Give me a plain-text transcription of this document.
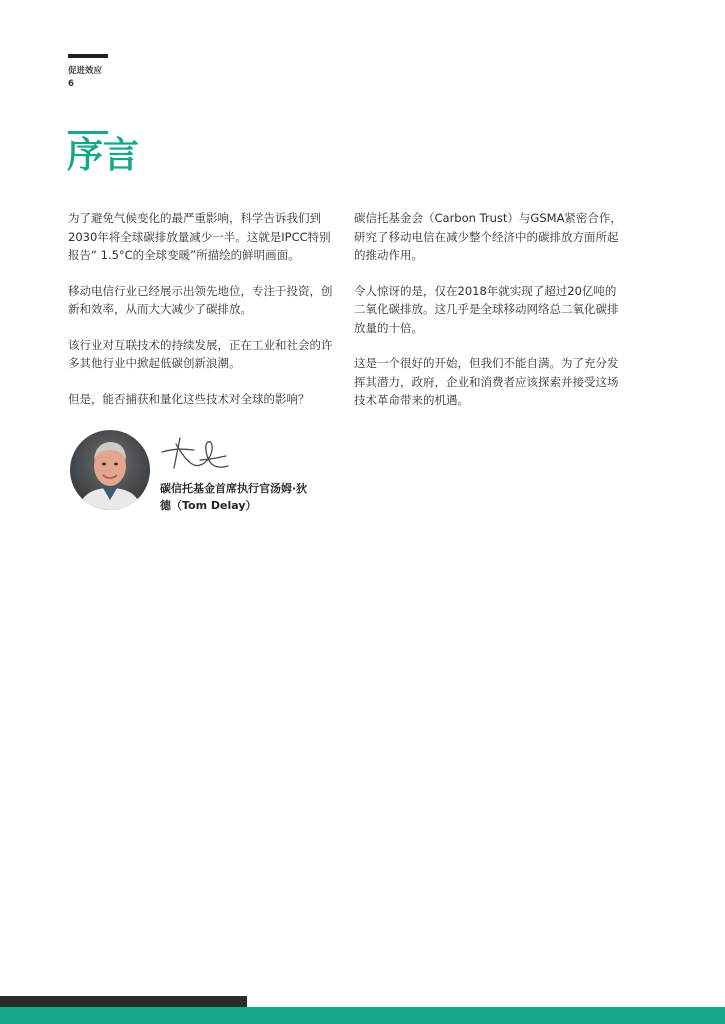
促进效应
6
序言

为了避免气候变化的最严重影响，科学告诉我们到2030年将全球碳排放量减少一半。这就是IPCC特别报告“ 1.5°C的全球变暖”所描绘的鲜明画面。

移动电信行业已经展示出领先地位，专注于投资，创新和效率，从而大大减少了碳排放。

该行业对互联技术的持续发展，正在工业和社会的许多其他行业中掀起低碳创新浪潮。

但是，能否捕获和量化这些技术对全球的影响？

碳信托基金会（Carbon Trust）与GSMA紧密合作，研究了移动电信在减少整个经济中的碳排放方面所起的推动作用。

令人惊讶的是，仅在2018年就实现了超过20亿吨的二氧化碳排放。这几乎是全球移动网络总二氧化碳排放量的十倍。

这是一个很好的开始，但我们不能自满。为了充分发挥其潜力，政府，企业和消费者应该探索并接受这场技术革命带来的机遇。

碳信托基金首席执行官汤姆·狄
德（Tom Delay）
